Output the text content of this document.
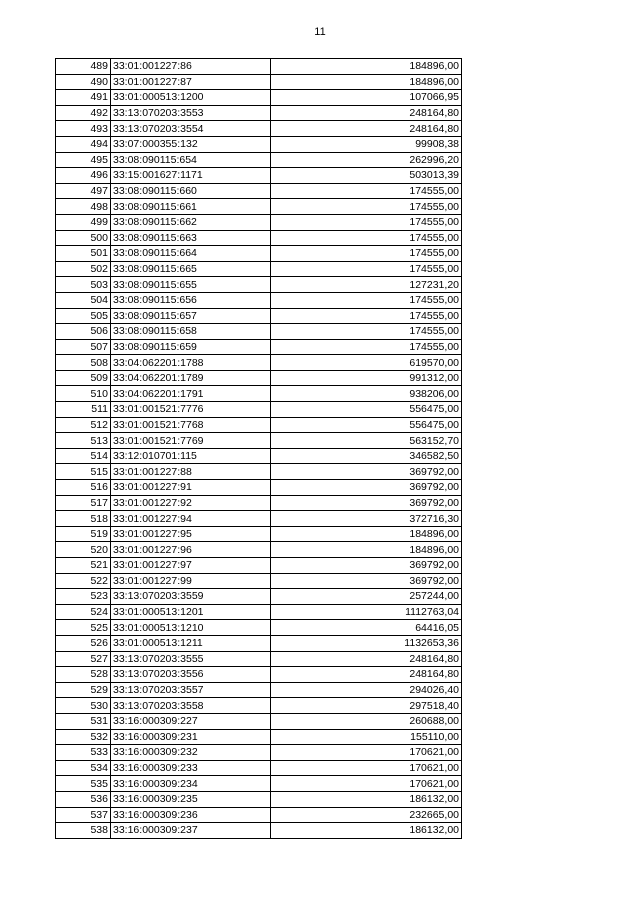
11
489	33:01:001227:86	184896,00
490	33:01:001227:87	184896,00
491	33:01:000513:1200	107066,95
492	33:13:070203:3553	248164,80
493	33:13:070203:3554	248164,80
494	33:07:000355:132	99908,38
495	33:08:090115:654	262996,20
496	33:15:001627:1171	503013,39
497	33:08:090115:660	174555,00
498	33:08:090115:661	174555,00
499	33:08:090115:662	174555,00
500	33:08:090115:663	174555,00
501	33:08:090115:664	174555,00
502	33:08:090115:665	174555,00
503	33:08:090115:655	127231,20
504	33:08:090115:656	174555,00
505	33:08:090115:657	174555,00
506	33:08:090115:658	174555,00
507	33:08:090115:659	174555,00
508	33:04:062201:1788	619570,00
509	33:04:062201:1789	991312,00
510	33:04:062201:1791	938206,00
511	33:01:001521:7776	556475,00
512	33:01:001521:7768	556475,00
513	33:01:001521:7769	563152,70
514	33:12:010701:115	346582,50
515	33:01:001227:88	369792,00
516	33:01:001227:91	369792,00
517	33:01:001227:92	369792,00
518	33:01:001227:94	372716,30
519	33:01:001227:95	184896,00
520	33:01:001227:96	184896,00
521	33:01:001227:97	369792,00
522	33:01:001227:99	369792,00
523	33:13:070203:3559	257244,00
524	33:01:000513:1201	1112763,04
525	33:01:000513:1210	64416,05
526	33:01:000513:1211	1132653,36
527	33:13:070203:3555	248164,80
528	33:13:070203:3556	248164,80
529	33:13:070203:3557	294026,40
530	33:13:070203:3558	297518,40
531	33:16:000309:227	260688,00
532	33:16:000309:231	155110,00
533	33:16:000309:232	170621,00
534	33:16:000309:233	170621,00
535	33:16:000309:234	170621,00
536	33:16:000309:235	186132,00
537	33:16:000309:236	232665,00
538	33:16:000309:237	186132,00
